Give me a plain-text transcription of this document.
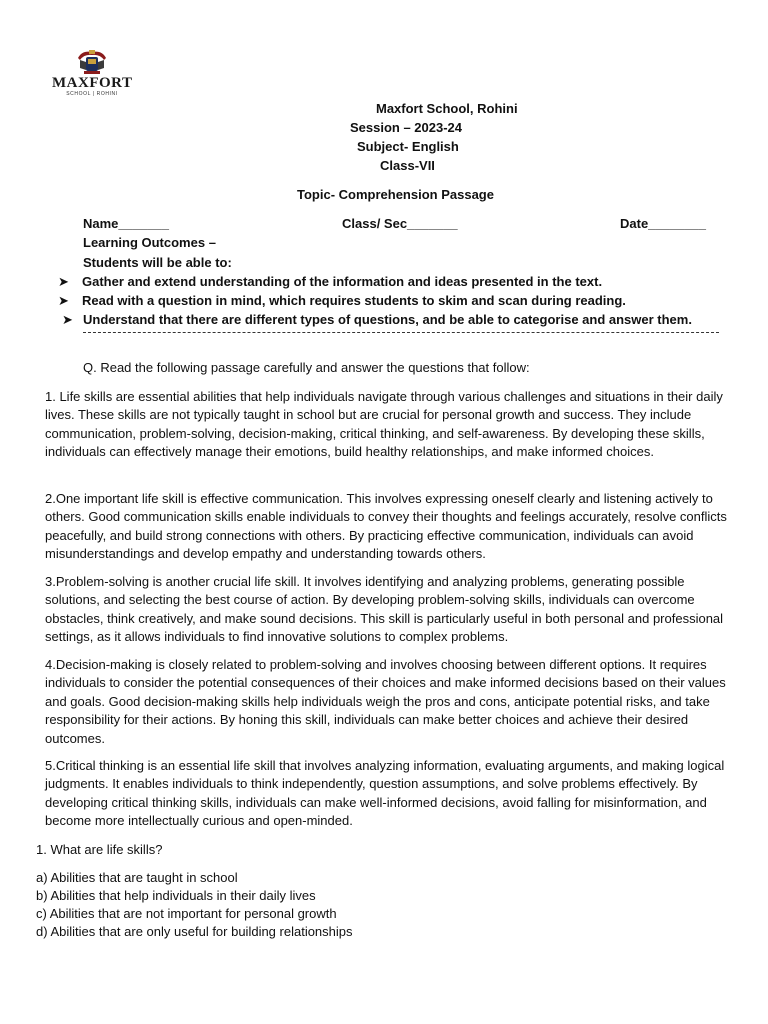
MAXFORT
SCHOOL | ROHINI
Maxfort School, Rohini
Session – 2023-24
Subject- English
Class-VII
Topic- Comprehension Passage
Name_______	Class/ Sec_______	Date________
Learning Outcomes –
Students will be able to:
➤ Gather and extend understanding of the information and ideas presented in the text.
➤ Read with a question in mind, which requires students to skim and scan during reading.
➤ Understand that there are different types of questions, and be able to categorise and answer them.
Q. Read the following passage carefully and answer the questions that follow:

1. Life skills are essential abilities that help individuals navigate through various challenges and situations in their daily lives. These skills are not typically taught in school but are crucial for personal growth and success. They include communication, problem-solving, decision-making, critical thinking, and self-awareness. By developing these skills, individuals can effectively manage their emotions, build healthy relationships, and make informed choices.

2.One important life skill is effective communication. This involves expressing oneself clearly and listening actively to others. Good communication skills enable individuals to convey their thoughts and feelings accurately, resolve conflicts peacefully, and build strong connections with others. By practicing effective communication, individuals can avoid misunderstandings and develop empathy and understanding towards others.

3.Problem-solving is another crucial life skill. It involves identifying and analyzing problems, generating possible solutions, and selecting the best course of action. By developing problem-solving skills, individuals can overcome obstacles, think creatively, and make sound decisions. This skill is particularly useful in both personal and professional settings, as it allows individuals to find innovative solutions to complex problems.

4.Decision-making is closely related to problem-solving and involves choosing between different options. It requires individuals to consider the potential consequences of their choices and make informed decisions based on their values and goals. Good decision-making skills help individuals weigh the pros and cons, anticipate potential risks, and take responsibility for their actions. By honing this skill, individuals can make better choices and achieve their desired outcomes.

5.Critical thinking is an essential life skill that involves analyzing information, evaluating arguments, and making logical judgments. It enables individuals to think independently, question assumptions, and solve problems effectively. By developing critical thinking skills, individuals can make well-informed decisions, avoid falling for misinformation, and become more intellectually curious and open-minded.

1. What are life skills?
a) Abilities that are taught in school
b) Abilities that help individuals in their daily lives
c) Abilities that are not important for personal growth
d) Abilities that are only useful for building relationships
